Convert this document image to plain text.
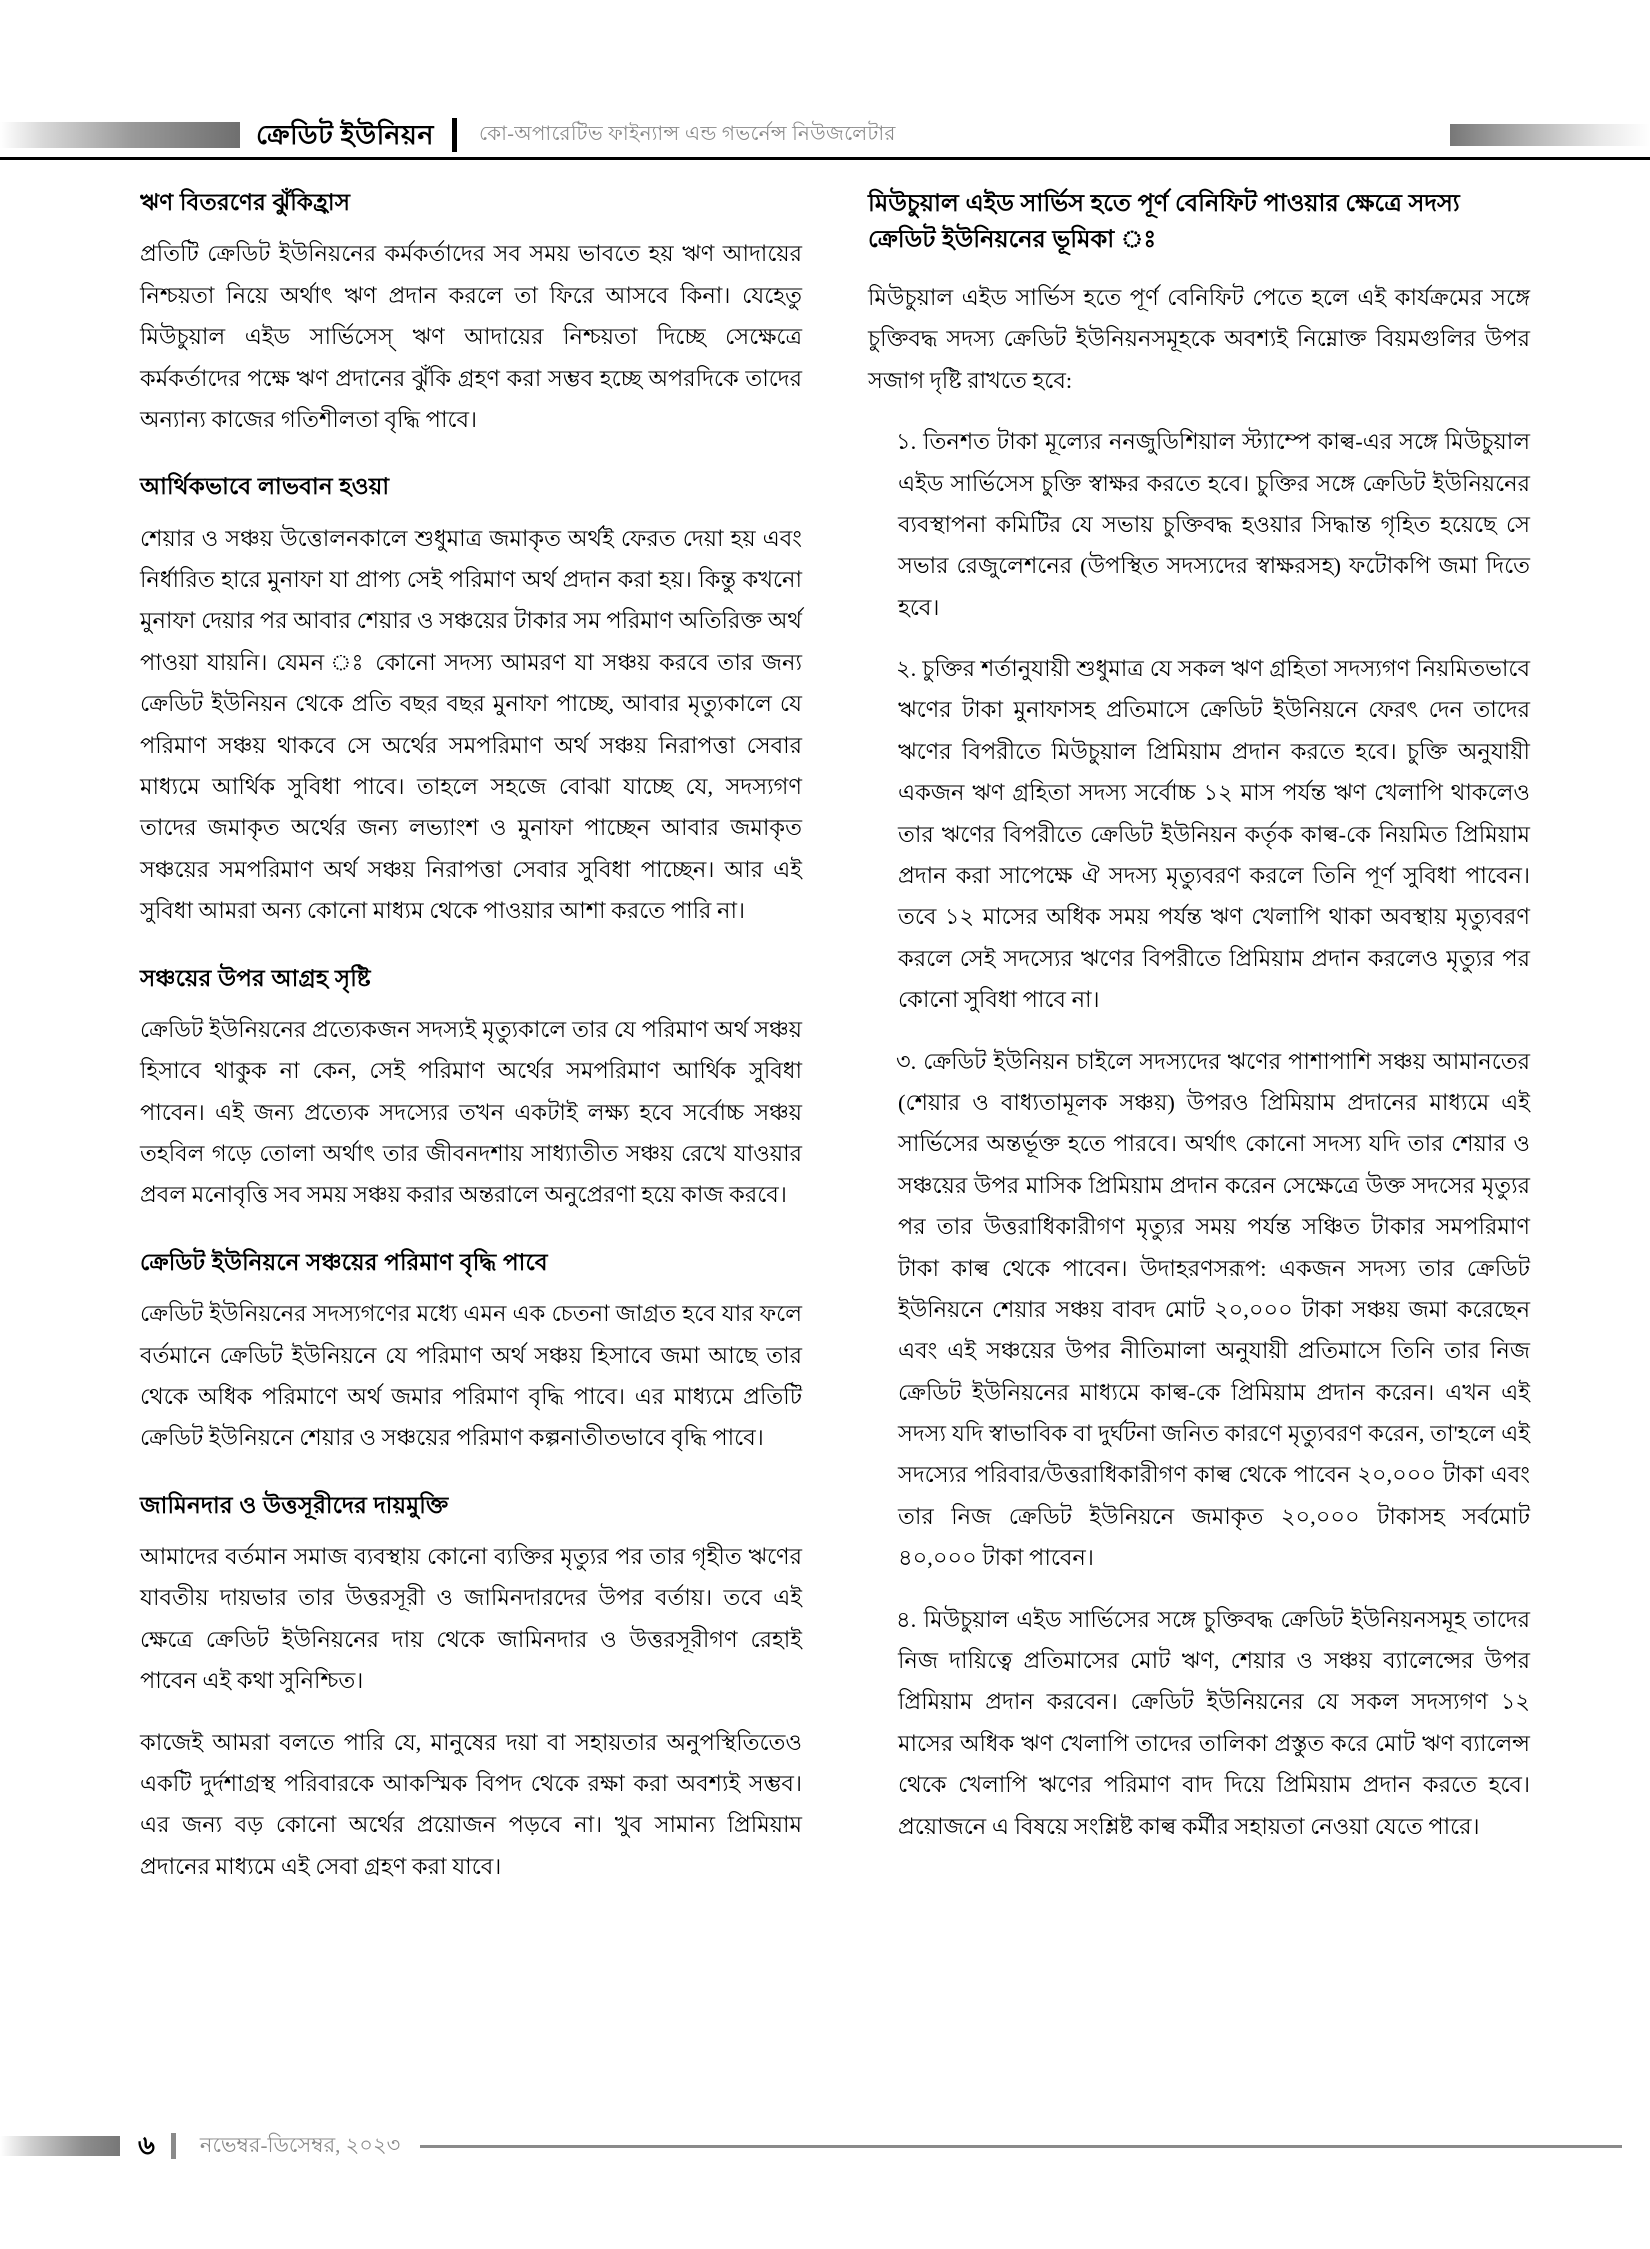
ক্রেডিট ইউনিয়ন	কো-অপারেটিভ ফাইন্যান্স এন্ড গভর্নেন্স নিউজলেটার
ঋণ বিতরণের ঝুঁকিহ্রাস

প্রতিটি ক্রেডিট ইউনিয়নের কর্মকর্তাদের সব সময় ভাবতে হয় ঋণ আদায়ের নিশ্চয়তা নিয়ে অর্থাৎ ঋণ প্রদান করলে তা ফিরে আসবে কিনা। যেহেতু মিউচুয়াল এইড সার্ভিসেস্ ঋণ আদায়ের নিশ্চয়তা দিচ্ছে সেক্ষেত্রে কর্মকর্তাদের পক্ষে ঋণ প্রদানের ঝুঁকি গ্রহণ করা সম্ভব হচ্ছে অপরদিকে তাদের অন্যান্য কাজের গতিশীলতা বৃদ্ধি পাবে।

আর্থিকভাবে লাভবান হওয়া

শেয়ার ও সঞ্চয় উত্তোলনকালে শুধুমাত্র জমাকৃত অর্থই ফেরত দেয়া হয় এবং নির্ধারিত হারে মুনাফা যা প্রাপ্য সেই পরিমাণ অর্থ প্রদান করা হয়। কিন্তু কখনো মুনাফা দেয়ার পর আবার শেয়ার ও সঞ্চয়ের টাকার সম পরিমাণ অতিরিক্ত অর্থ পাওয়া যায়নি। যেমন ঃ কোনো সদস্য আমরণ যা সঞ্চয় করবে তার জন্য ক্রেডিট ইউনিয়ন থেকে প্রতি বছর বছর মুনাফা পাচ্ছে, আবার মৃত্যুকালে যে পরিমাণ সঞ্চয় থাকবে সে অর্থের সমপরিমাণ অর্থ সঞ্চয় নিরাপত্তা সেবার মাধ্যমে আর্থিক সুবিধা পাবে। তাহলে সহজে বোঝা যাচ্ছে যে, সদস্যগণ তাদের জমাকৃত অর্থের জন্য লভ্যাংশ ও মুনাফা পাচ্ছেন আবার জমাকৃত সঞ্চয়ের সমপরিমাণ অর্থ সঞ্চয় নিরাপত্তা সেবার সুবিধা পাচ্ছেন। আর এই সুবিধা আমরা অন্য কোনো মাধ্যম থেকে পাওয়ার আশা করতে পারি না।

সঞ্চয়ের উপর আগ্রহ সৃষ্টি

ক্রেডিট ইউনিয়নের প্রত্যেকজন সদস্যই মৃত্যুকালে তার যে পরিমাণ অর্থ সঞ্চয় হিসাবে থাকুক না কেন, সেই পরিমাণ অর্থের সমপরিমাণ আর্থিক সুবিধা পাবেন। এই জন্য প্রত্যেক সদস্যের তখন একটাই লক্ষ্য হবে সর্বোচ্চ সঞ্চয় তহবিল গড়ে তোলা অর্থাৎ তার জীবনদশায় সাধ্যাতীত সঞ্চয় রেখে যাওয়ার প্রবল মনোবৃত্তি সব সময় সঞ্চয় করার অন্তরালে অনুপ্রেরণা হয়ে কাজ করবে।

ক্রেডিট ইউনিয়নে সঞ্চয়ের পরিমাণ বৃদ্ধি পাবে

ক্রেডিট ইউনিয়নের সদস্যগণের মধ্যে এমন এক চেতনা জাগ্রত হবে যার ফলে বর্তমানে ক্রেডিট ইউনিয়নে যে পরিমাণ অর্থ সঞ্চয় হিসাবে জমা আছে তার থেকে অধিক পরিমাণে অর্থ জমার পরিমাণ বৃদ্ধি পাবে। এর মাধ্যমে প্রতিটি ক্রেডিট ইউনিয়নে শেয়ার ও সঞ্চয়ের পরিমাণ কল্পনাতীতভাবে বৃদ্ধি পাবে।

জামিনদার ও উত্তসূরীদের দায়মুক্তি

আমাদের বর্তমান সমাজ ব্যবস্থায় কোনো ব্যক্তির মৃত্যুর পর তার গৃহীত ঋণের যাবতীয় দায়ভার তার উত্তরসূরী ও জামিনদারদের উপর বর্তায়। তবে এই ক্ষেত্রে ক্রেডিট ইউনিয়নের দায় থেকে জামিনদার ও উত্তরসূরীগণ রেহাই পাবেন এই কথা সুনিশ্চিত।

কাজেই আমরা বলতে পারি যে, মানুষের দয়া বা সহায়তার অনুপস্থিতিতেও একটি দুর্দশাগ্রস্থ পরিবারকে আকস্মিক বিপদ থেকে রক্ষা করা অবশ্যই সম্ভব। এর জন্য বড় কোনো অর্থের প্রয়োজন পড়বে না। খুব সামান্য প্রিমিয়াম প্রদানের মাধ্যমে এই সেবা গ্রহণ করা যাবে।

মিউচুয়াল এইড সার্ভিস হতে পূর্ণ বেনিফিট পাওয়ার ক্ষেত্রে সদস্য ক্রেডিট ইউনিয়নের ভূমিকা ঃ

মিউচুয়াল এইড সার্ভিস হতে পূর্ণ বেনিফিট পেতে হলে এই কার্যক্রমের সঙ্গে চুক্তিবদ্ধ সদস্য ক্রেডিট ইউনিয়নসমূহকে অবশ্যই নিম্নোক্ত বিয়মগুলির উপর সজাগ দৃষ্টি রাখতে হবে:

১. তিনশত টাকা মূল্যের ননজুডিশিয়াল স্ট্যাম্পে কাল্ব-এর সঙ্গে মিউচুয়াল এইড সার্ভিসেস চুক্তি স্বাক্ষর করতে হবে। চুক্তির সঙ্গে ক্রেডিট ইউনিয়নের ব্যবস্থাপনা কমিটির যে সভায় চুক্তিবদ্ধ হওয়ার সিদ্ধান্ত গৃহিত হয়েছে সে সভার রেজুলেশনের (উপস্থিত সদস্যদের স্বাক্ষরসহ) ফটোকপি জমা দিতে হবে।

২. চুক্তির শর্তানুযায়ী শুধুমাত্র যে সকল ঋণ গ্রহিতা সদস্যগণ নিয়মিতভাবে ঋণের টাকা মুনাফাসহ প্রতিমাসে ক্রেডিট ইউনিয়নে ফেরৎ দেন তাদের ঋণের বিপরীতে মিউচুয়াল প্রিমিয়াম প্রদান করতে হবে। চুক্তি অনুযায়ী একজন ঋণ গ্রহিতা সদস্য সর্বোচ্চ ১২ মাস পর্যন্ত ঋণ খেলাপি থাকলেও তার ঋণের বিপরীতে ক্রেডিট ইউনিয়ন কর্তৃক কাল্ব-কে নিয়মিত প্রিমিয়াম প্রদান করা সাপেক্ষে ঐ সদস্য মৃত্যুবরণ করলে তিনি পূর্ণ সুবিধা পাবেন। তবে ১২ মাসের অধিক সময় পর্যন্ত ঋণ খেলাপি থাকা অবস্থায় মৃত্যুবরণ করলে সেই সদস্যের ঋণের বিপরীতে প্রিমিয়াম প্রদান করলেও মৃত্যুর পর কোনো সুবিধা পাবে না।

৩. ক্রেডিট ইউনিয়ন চাইলে সদস্যদের ঋণের পাশাপাশি সঞ্চয় আমানতের (শেয়ার ও বাধ্যতামূলক সঞ্চয়) উপরও প্রিমিয়াম প্রদানের মাধ্যমে এই সার্ভিসের অন্তর্ভূক্ত হতে পারবে। অর্থাৎ কোনো সদস্য যদি তার শেয়ার ও সঞ্চয়ের উপর মাসিক প্রিমিয়াম প্রদান করেন সেক্ষেত্রে উক্ত সদসের মৃত্যুর পর তার উত্তরাধিকারীগণ মৃত্যুর সময় পর্যন্ত সঞ্চিত টাকার সমপরিমাণ টাকা কাল্ব থেকে পাবেন। উদাহরণসরূপ: একজন সদস্য তার ক্রেডিট ইউনিয়নে শেয়ার সঞ্চয় বাবদ মোট ২০,০০০ টাকা সঞ্চয় জমা করেছেন এবং এই সঞ্চয়ের উপর নীতিমালা অনুযায়ী প্রতিমাসে তিনি তার নিজ ক্রেডিট ইউনিয়নের মাধ্যমে কাল্ব-কে প্রিমিয়াম প্রদান করেন। এখন এই সদস্য যদি স্বাভাবিক বা দুর্ঘটনা জনিত কারণে মৃত্যুবরণ করেন, তা'হলে এই সদস্যের পরিবার/উত্তরাধিকারীগণ কাল্ব থেকে পাবেন ২০,০০০ টাকা এবং তার নিজ ক্রেডিট ইউনিয়নে জমাকৃত ২০,০০০ টাকাসহ সর্বমোট ৪০,০০০ টাকা পাবেন।

৪. মিউচুয়াল এইড সার্ভিসের সঙ্গে চুক্তিবদ্ধ ক্রেডিট ইউনিয়নসমূহ তাদের নিজ দায়িত্বে প্রতিমাসের মোট ঋণ, শেয়ার ও সঞ্চয় ব্যালেন্সের উপর প্রিমিয়াম প্রদান করবেন। ক্রেডিট ইউনিয়নের যে সকল সদস্যগণ ১২ মাসের অধিক ঋণ খেলাপি তাদের তালিকা প্রস্তুত করে মোট ঋণ ব্যালেন্স থেকে খেলাপি ঋণের পরিমাণ বাদ দিয়ে প্রিমিয়াম প্রদান করতে হবে। প্রয়োজনে এ বিষয়ে সংশ্লিষ্ট কাল্ব কর্মীর সহায়তা নেওয়া যেতে পারে।

৬	নভেম্বর-ডিসেম্বর, ২০২৩
